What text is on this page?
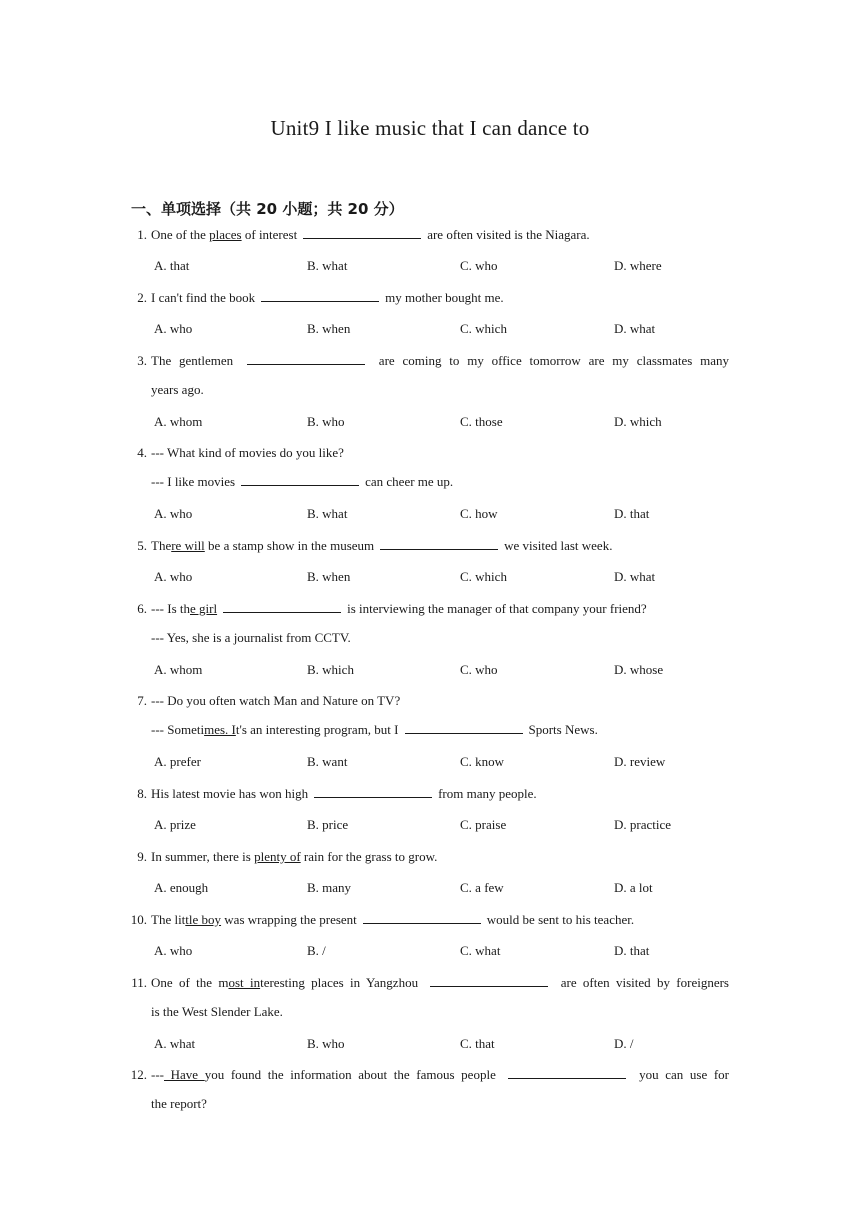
Unit9 I like music that I can dance to
一、单项选择（共 20 小题；共 20 分）
1. One of the places of interest	are often visited is the Niagara.
A. that	B. what	C. who	D. where
2. I can't find the book	my mother bought me.
A. who	B. when	C. which	D. what
3. The gentlemen	are coming to my office tomorrow are my classmates many
years ago.
A. whom	B. who	C. those	D. which
4. --- What kind of movies do you like?
--- I like movies	can cheer me up.
A. who	B. what	C. how	D. that
5. There will be a stamp show in the museum	we visited last week.
A. who	B. when	C. which	D. what
6. --- Is the girl	is interviewing the manager of that company your friend?
--- Yes, she is a journalist from CCTV.
A. whom	B. which	C. who	D. whose
7. --- Do you often watch Man and Nature on TV?
--- Sometimes. It's an interesting program, but I	Sports News.
A. prefer	B. want	C. know	D. review
8. His latest movie has won high	from many people.
A. prize	B. price	C. praise	D. practice
9. In summer, there is plenty of rain for the grass to grow.
A. enough	B. many	C. a few	D. a lot
10. The little boy was wrapping the present	would be sent to his teacher.
A. who	B. /	C. what	D. that
11. One of the most interesting places in Yangzhou	are often visited by foreigners
is the West Slender Lake.
A. what	B. who	C. that	D. /
12. --- Have you found the information about the famous people	you can use for
the report?
